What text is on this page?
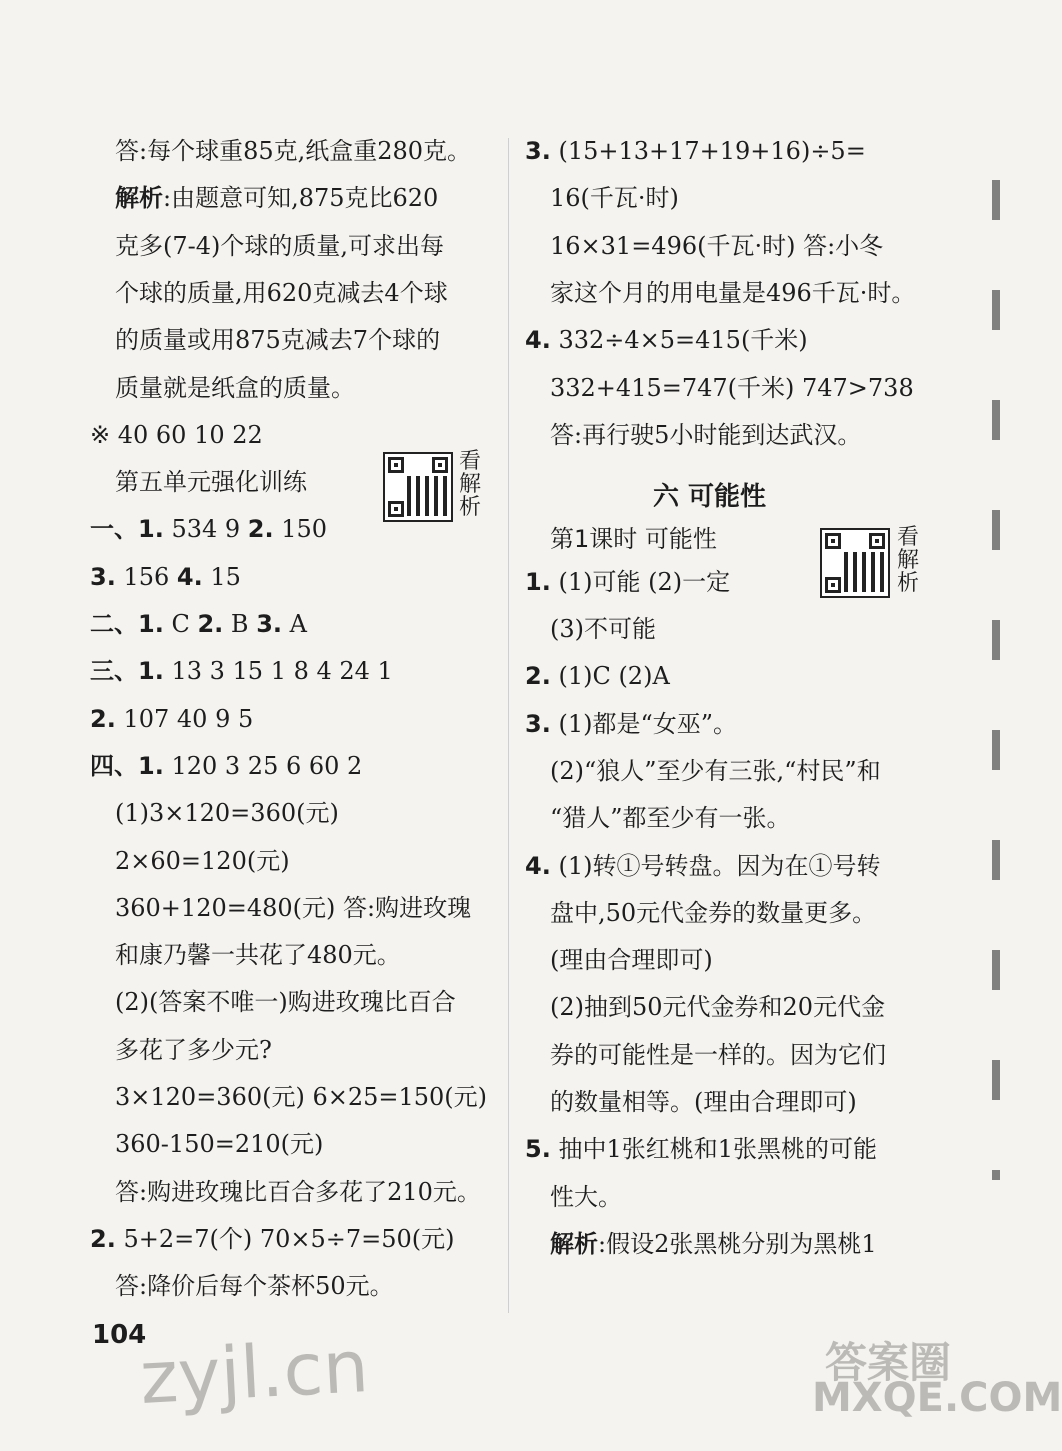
答:每个球重85克,纸盒重280克。
解析:由题意可知,875克比620
克多(7-4)个球的质量,可求出每
个球的质量,用620克减去4个球
的质量或用875克减去7个球的
质量就是纸盒的质量。
※ 40 60 10 22
第五单元强化训练
一、1. 534 9 2. 150
3. 156 4. 15
二、1. C 2. B 3. A
三、1. 13 3 15 1 8 4 24 1
2. 107 40 9 5
四、1. 120 3 25 6 60 2
(1)3×120=360(元)
2×60=120(元)
360+120=480(元) 答:购进玫瑰
和康乃馨一共花了480元。
(2)(答案不唯一)购进玫瑰比百合
多花了多少元?
3×120=360(元) 6×25=150(元)
360-150=210(元)
答:购进玫瑰比百合多花了210元。
2. 5+2=7(个) 70×5÷7=50(元)
答:降价后每个茶杯50元。
3. (15+13+17+19+16)÷5=
16(千瓦·时)
16×31=496(千瓦·时) 答:小冬
家这个月的用电量是496千瓦·时。
4. 332÷4×5=415(千米)
332+415=747(千米) 747>738
答:再行驶5小时能到达武汉。
六 可能性
第1课时 可能性
1. (1)可能 (2)一定
(3)不可能
2. (1)C (2)A
3. (1)都是“女巫”。
(2)“狼人”至少有三张,“村民”和
“猎人”都至少有一张。
4. (1)转①号转盘。因为在①号转
盘中,50元代金券的数量更多。
(理由合理即可)
(2)抽到50元代金券和20元代金
券的可能性是一样的。因为它们
的数量相等。(理由合理即可)
5. 抽中1张红桃和1张黑桃的可能
性大。
解析:假设2张黑桃分别为黑桃1
看解析
看解析
104
zyjl.cn	MXQE.COM
答案圈
